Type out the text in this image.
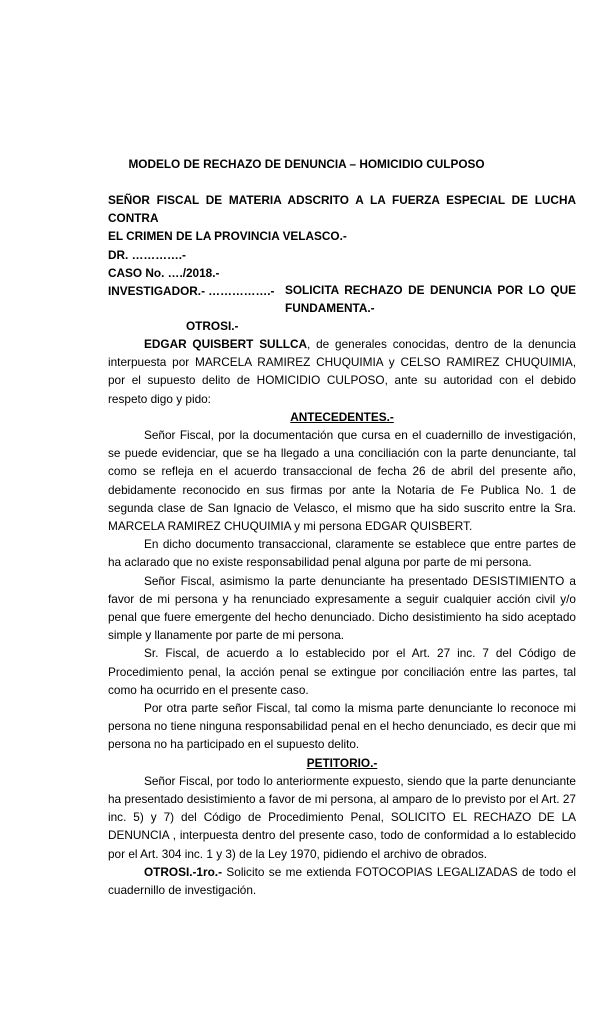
MODELO DE RECHAZO DE DENUNCIA – HOMICIDIO CULPOSO

SEÑOR FISCAL DE MATERIA ADSCRITO A LA FUERZA ESPECIAL DE LUCHA CONTRA

EL CRIMEN DE LA PROVINCIA VELASCO.-

DR. ………….-

CASO No. …./2018.-

INVESTIGADOR.- …………….- SOLICITA RECHAZO DE DENUNCIA POR LO QUE

FUNDAMENTA.-

OTROSI.-

EDGAR QUISBERT SULLCA, de generales conocidas, dentro de la denuncia interpuesta por MARCELA RAMIREZ CHUQUIMIA y CELSO RAMIREZ CHUQUIMIA, por el supuesto delito de HOMICIDIO CULPOSO, ante su autoridad con el debido respeto digo y pido:

ANTECEDENTES.-

Señor Fiscal, por la documentación que cursa en el cuadernillo de investigación, se puede evidenciar, que se ha llegado a una conciliación con la parte denunciante, tal como se refleja en el acuerdo transaccional de fecha 26 de abril del presente año, debidamente reconocido en sus firmas por ante la Notaria de Fe Publica No. 1 de segunda clase de San Ignacio de Velasco, el mismo que ha sido suscrito entre la Sra. MARCELA RAMIREZ CHUQUIMIA y mi persona EDGAR QUISBERT.

En dicho documento transaccional, claramente se establece que entre partes de ha aclarado que no existe responsabilidad penal alguna por parte de mi persona.

Señor Fiscal, asimismo la parte denunciante ha presentado DESISTIMIENTO a favor de mi persona y ha renunciado expresamente a seguir cualquier acción civil y/o penal que fuere emergente del hecho denunciado. Dicho desistimiento ha sido aceptado simple y llanamente por parte de mi persona.

Sr. Fiscal, de acuerdo a lo establecido por el Art. 27 inc. 7 del Código de Procedimiento penal, la acción penal se extingue por conciliación entre las partes, tal como ha ocurrido en el presente caso.

Por otra parte señor Fiscal, tal como la misma parte denunciante lo reconoce mi persona no tiene ninguna responsabilidad penal en el hecho denunciado, es decir que mi persona no ha participado en el supuesto delito.

PETITORIO.-

Señor Fiscal, por todo lo anteriormente expuesto, siendo que la parte denunciante ha presentado desistimiento a favor de mi persona, al amparo de lo previsto por el Art. 27 inc. 5) y 7) del Código de Procedimiento Penal, SOLICITO EL RECHAZO DE LA DENUNCIA , interpuesta dentro del presente caso, todo de conformidad a lo establecido por el Art. 304 inc. 1 y 3) de la Ley 1970, pidiendo el archivo de obrados.

OTROSI.-1ro.- Solicito se me extienda FOTOCOPIAS LEGALIZADAS de todo el cuadernillo de investigación.
